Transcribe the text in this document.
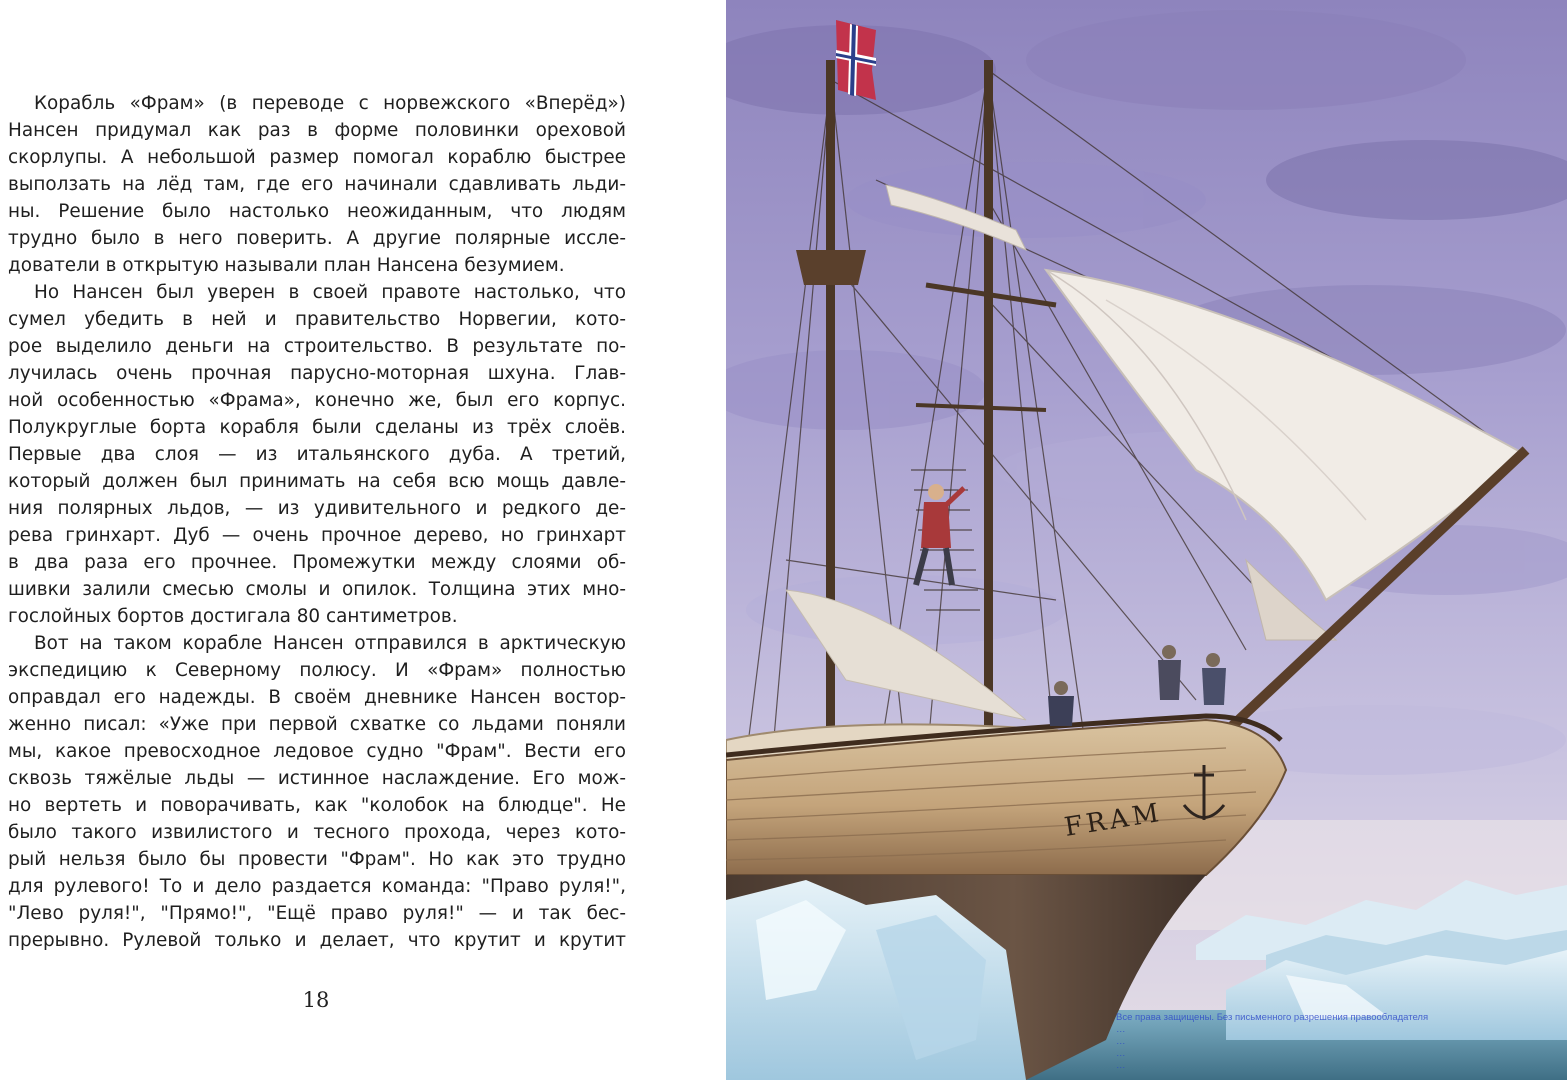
Корабль «Фрам» (в переводе с норвежского «Вперёд»)
Нансен придумал как раз в форме половинки ореховой
скорлупы. А небольшой размер помогал кораблю быстрее
выползать на лёд там, где его начинали сдавливать льди-
ны. Решение было настолько неожиданным, что людям
трудно было в него поверить. А другие полярные иссле-
дователи в открытую называли план Нансена безумием.
Но Нансен был уверен в своей правоте настолько, что
сумел убедить в ней и правительство Норвегии, кото-
рое выделило деньги на строительство. В результате по-
лучилась очень прочная парусно-моторная шхуна. Глав-
ной особенностью «Фрама», конечно же, был его корпус.
Полукруглые борта корабля были сделаны из трёх слоёв.
Первые два слоя — из итальянского дуба. А третий,
который должен был принимать на себя всю мощь давле-
ния полярных льдов, — из удивительного и редкого де-
рева гринхарт. Дуб — очень прочное дерево, но гринхарт
в два раза его прочнее. Промежутки между слоями об-
шивки залили смесью смолы и опилок. Толщина этих мно-
гослойных бортов достигала 80 сантиметров.
Вот на таком корабле Нансен отправился в арктическую
экспедицию к Северному полюсу. И «Фрам» полностью
оправдал его надежды. В своём дневнике Нансен востор-
женно писал: «Уже при первой схватке со льдами поняли
мы, какое превосходное ледовое судно "Фрам". Вести его
сквозь тяжёлые льды — истинное наслаждение. Его мож-
но вертеть и поворачивать, как "колобок на блюдце". Не
было такого извилистого и тесного прохода, через кото-
рый нельзя было бы провести "Фрам". Но как это трудно
для рулевого! То и дело раздается команда: "Право руля!",
"Лево руля!", "Прямо!", "Ещё право руля!" — и так бес-
прерывно. Рулевой только и делает, что крутит и крутит
18
FRAM
Все права защищены. Без письменного разрешения правообладателя
…
…
…
…
